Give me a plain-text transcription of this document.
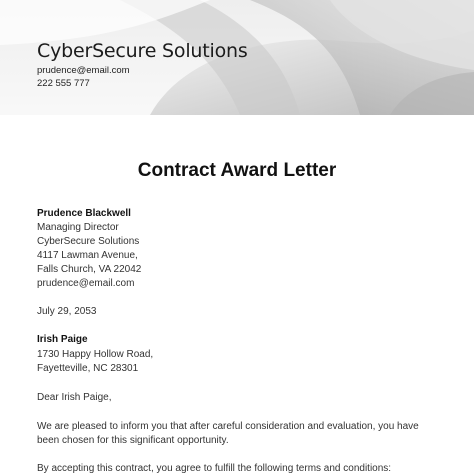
CyberSecure Solutions
prudence@email.com
222 555 777
Contract Award Letter
Prudence Blackwell
Managing Director
CyberSecure Solutions
4117 Lawman Avenue,
Falls Church, VA 22042
prudence@email.com
July 29, 2053
Irish Paige
1730 Happy Hollow Road,
Fayetteville, NC 28301
Dear Irish Paige,
We are pleased to inform you that after careful consideration and evaluation, you have
been chosen for this significant opportunity.
By accepting this contract, you agree to fulfill the following terms and conditions:
